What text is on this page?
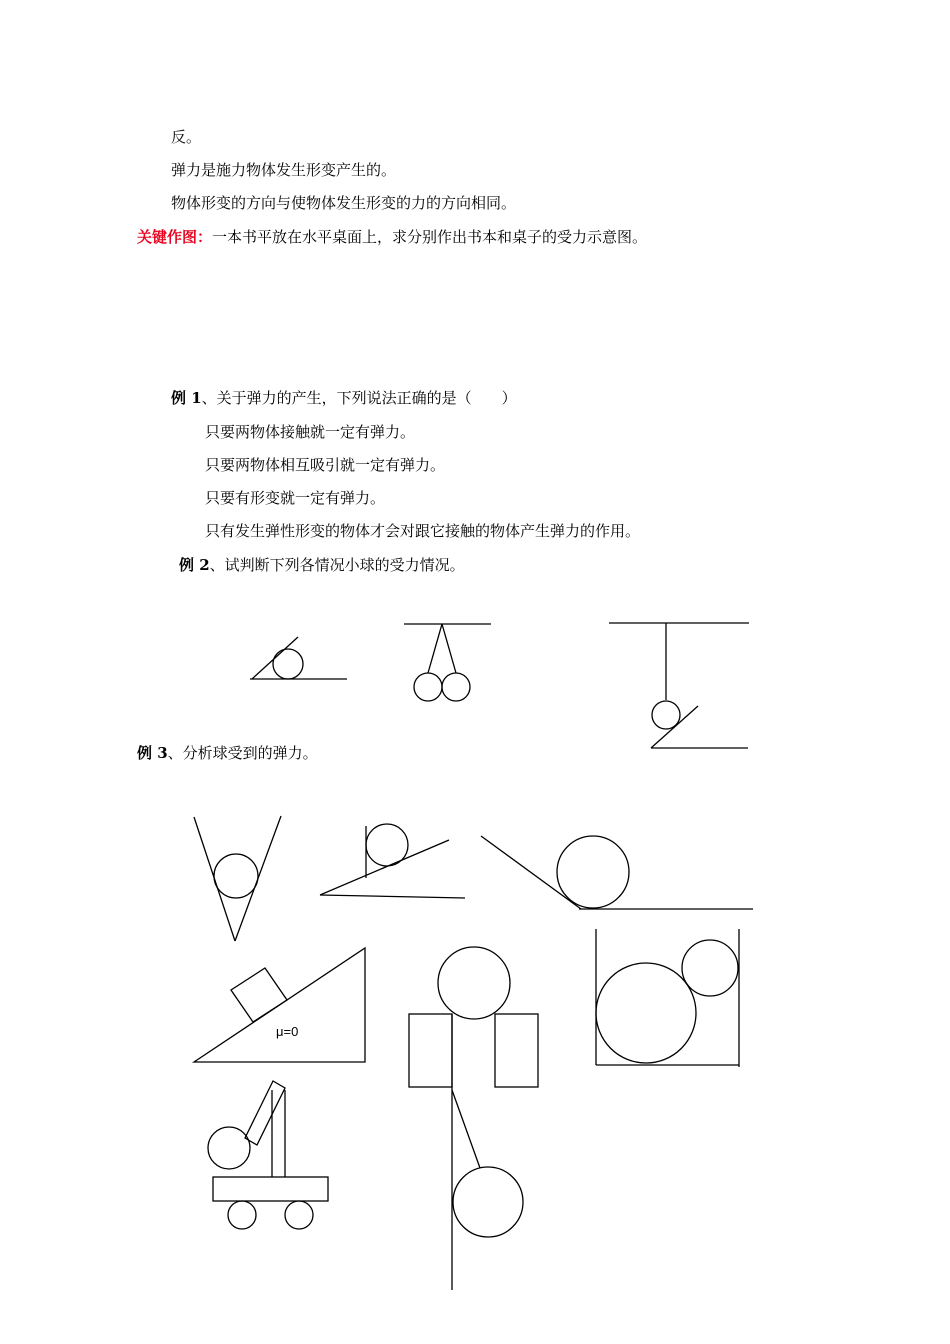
反。
弹力是施力物体发生形变产生的。
物体形变的方向与使物体发生形变的力的方向相同。
关键作图：一本书平放在水平桌面上，求分别作出书本和桌子的受力示意图。
例 1、关于弹力的产生，下列说法正确的是（　　）
只要两物体接触就一定有弹力。
只要两物体相互吸引就一定有弹力。
只要有形变就一定有弹力。
只有发生弹性形变的物体才会对跟它接触的物体产生弹力的作用。
例 2、试判断下列各情况小球的受力情况。
例 3、分析球受到的弹力。
μ=0
